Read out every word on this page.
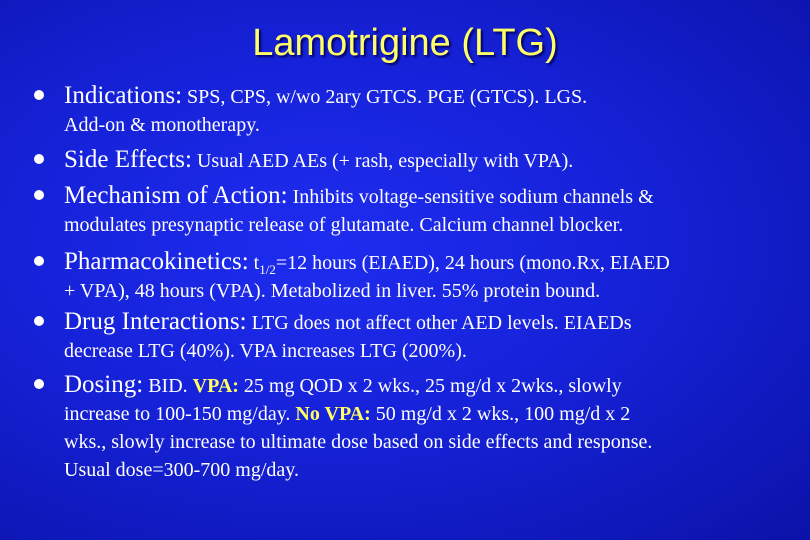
Lamotrigine (LTG)
Indications: SPS, CPS, w/wo 2ary GTCS. PGE (GTCS). LGS.
Add-on & monotherapy.
Side Effects: Usual AED AEs (+ rash, especially with VPA).
Mechanism of Action: Inhibits voltage-sensitive sodium channels &
modulates presynaptic release of glutamate. Calcium channel blocker.
Pharmacokinetics: $t_{1/2}=12$ hours (EIAED), 24 hours (mono.Rx, EIAED
+ VPA), 48 hours (VPA). Metabolized in liver. 55% protein bound.
Drug Interactions: LTG does not affect other AED levels. EIAEDs
decrease LTG (40%). VPA increases LTG (200%).
Dosing: BID. VPA: 25 mg QOD x 2 wks., 25 mg/d x 2wks., slowly
increase to 100-150 mg/day. No VPA: 50 mg/d x 2 wks., 100 mg/d x 2
wks., slowly increase to ultimate dose based on side effects and response.
Usual dose=300-700 mg/day.
